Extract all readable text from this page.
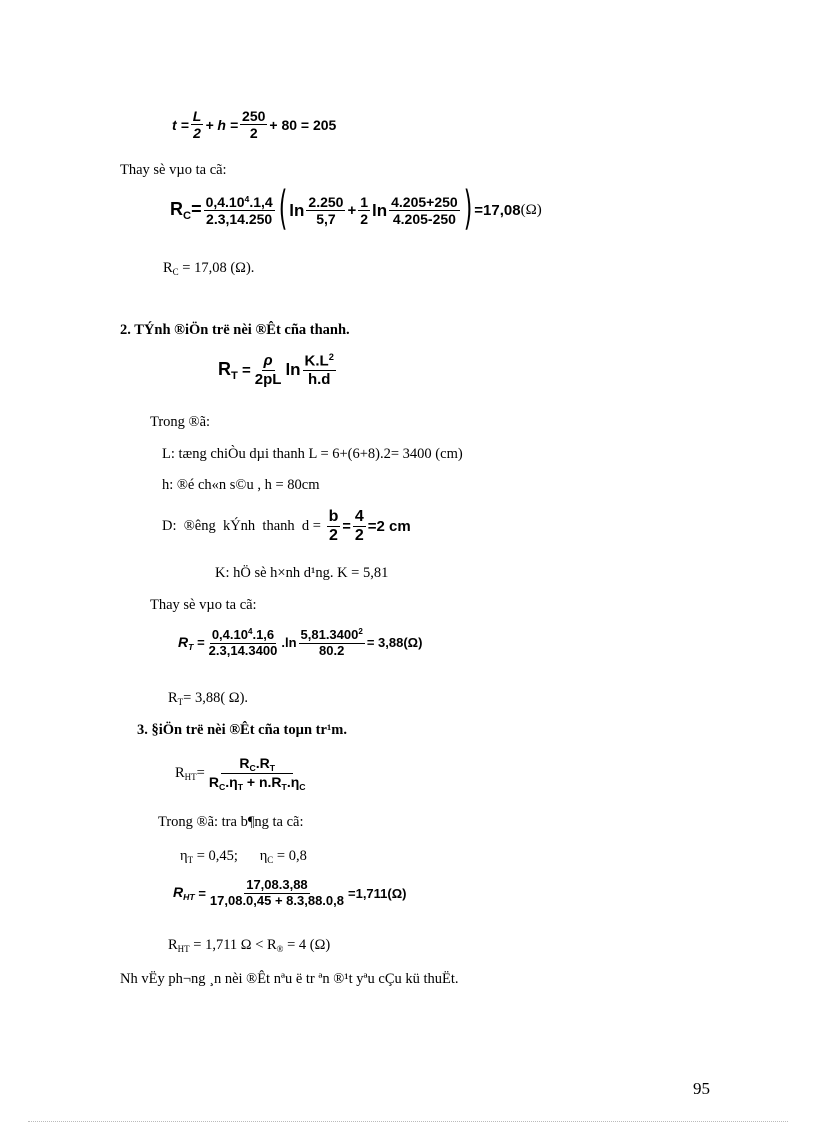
t
= $\frac{L}{2}$ +
h
= $\frac{250}{2} + 80$
= 205
Thay sè vµo ta cã:
$R_C= \frac{0,4.10^4.1,4}{2.3,14.250}$ ( $\ln \frac{2.250}{5,7} + \frac{1}{2}$ $\ln \frac{4.205+250}{4.205-250}$ ) =17,08 (Ω)
$R_C = 17,08$ (Ω).
2. TÝnh ®iÖn trë nèi ®Êt cña thanh.
$R_T$
= $\frac{\rho}{2pL}$ $\ln \frac{K.L^2}{h.d}$
Trong ®ã:
L: tæng chiÒu dµi thanh L = 6+(6+8).2= 3400 (cm)
h: ®é ch«n s©u , h = 80cm
D:  ®êng  kÝnh  thanh  $d = \frac{b}{2} = \frac{4}{2} =2$ cm
K: hÖ sè h×nh d¹ng. K = 5,81
Thay sè vµo ta cã:
$R_T$
= $\frac{0,4.10^4.1,6}{2.3,14.3400} .\ln \frac{5,81.3400^2}{80.2} = 3,88(\Omega)$
$R_T= 3,88$( Ω).
3. §iÖn trë nèi ®Êt cña toµn tr¹m.
$R_{HT}= \frac{R_C.R_T}{R_C.\eta_T + n.R_T.\eta_C}$
Trong ®ã: tra b¶ng ta cã:
$\eta_T = 0,45$; $\eta_C = 0,8$
$R_{HT}$
= $\frac{17,08.3,88}{17,08.0,45 + 8.3,88.0,8} =1,711(\Omega)$
$R_{HT} = 1,711$ $\Omega < R_® = 4$ (Ω)
Nh vËy ph¬ng ¸n nèi ®Êt nªu ë tr ªn ®¹t yªu cÇu kü thuËt.
95
